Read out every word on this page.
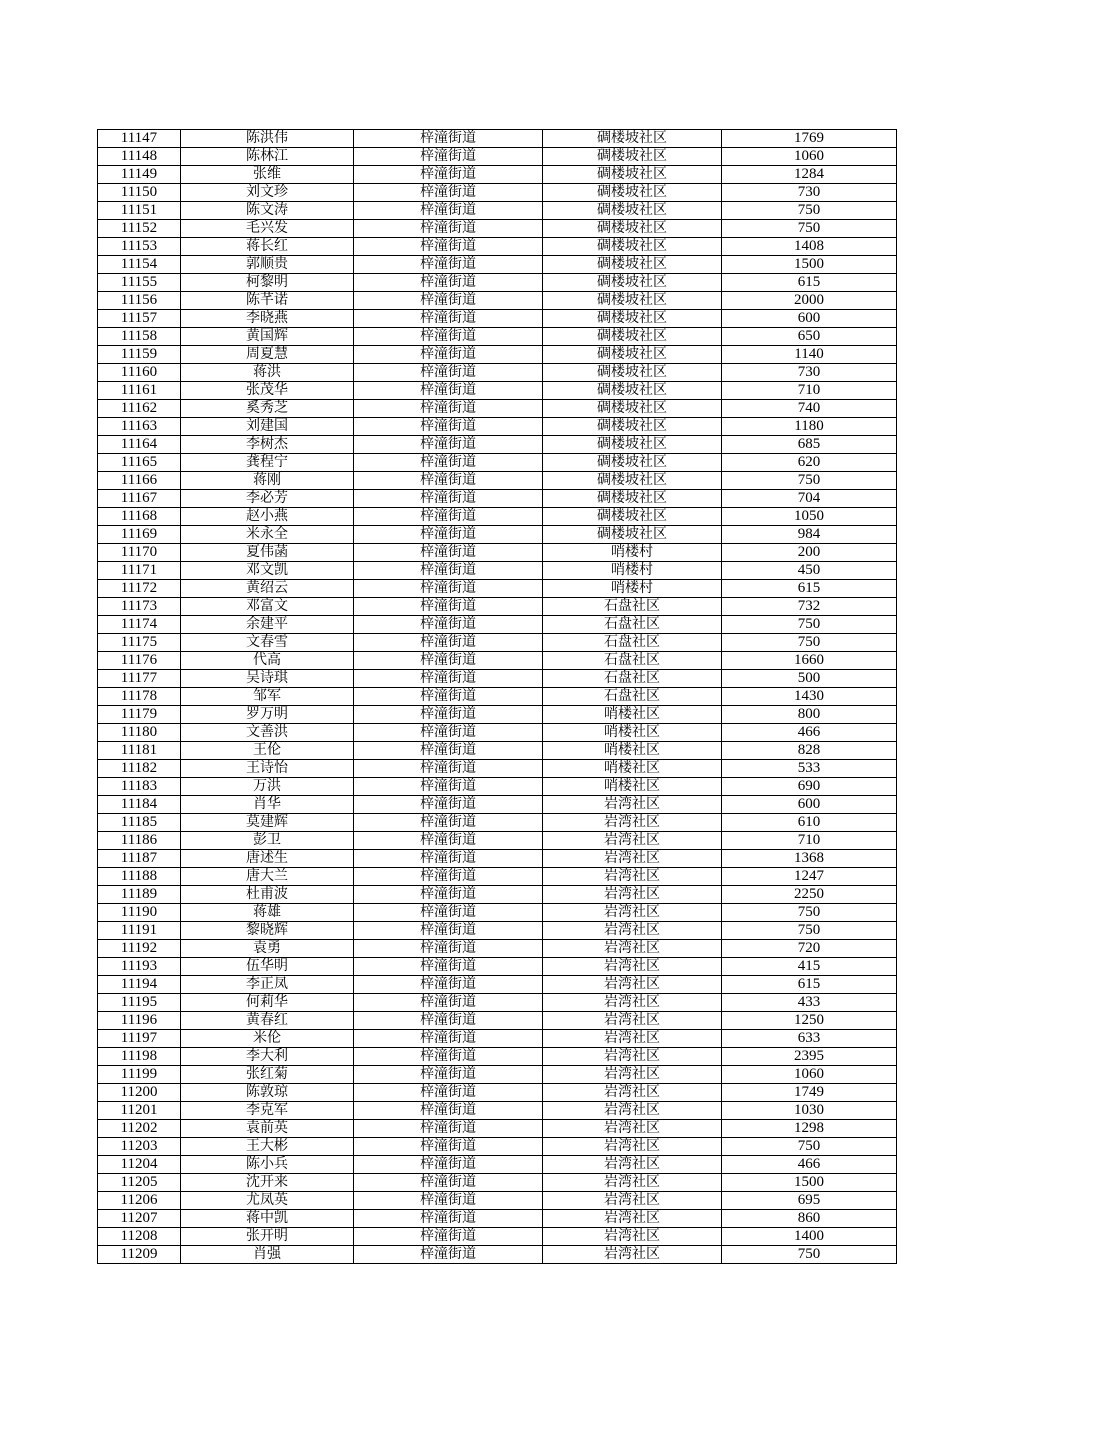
11147	陈洪伟	梓潼街道	碉楼坡社区	1769
11148	陈林江	梓潼街道	碉楼坡社区	1060
11149	张维	梓潼街道	碉楼坡社区	1284
11150	刘文珍	梓潼街道	碉楼坡社区	730
11151	陈文涛	梓潼街道	碉楼坡社区	750
11152	毛兴发	梓潼街道	碉楼坡社区	750
11153	蒋长红	梓潼街道	碉楼坡社区	1408
11154	郭顺贵	梓潼街道	碉楼坡社区	1500
11155	柯黎明	梓潼街道	碉楼坡社区	615
11156	陈芊诺	梓潼街道	碉楼坡社区	2000
11157	李晓燕	梓潼街道	碉楼坡社区	600
11158	黄国辉	梓潼街道	碉楼坡社区	650
11159	周夏慧	梓潼街道	碉楼坡社区	1140
11160	蒋洪	梓潼街道	碉楼坡社区	730
11161	张茂华	梓潼街道	碉楼坡社区	710
11162	奚秀芝	梓潼街道	碉楼坡社区	740
11163	刘建国	梓潼街道	碉楼坡社区	1180
11164	李树杰	梓潼街道	碉楼坡社区	685
11165	龚程宁	梓潼街道	碉楼坡社区	620
11166	蒋刚	梓潼街道	碉楼坡社区	750
11167	李必芳	梓潼街道	碉楼坡社区	704
11168	赵小燕	梓潼街道	碉楼坡社区	1050
11169	米永全	梓潼街道	碉楼坡社区	984
11170	夏伟菡	梓潼街道	哨楼村	200
11171	邓文凯	梓潼街道	哨楼村	450
11172	黄绍云	梓潼街道	哨楼村	615
11173	邓富文	梓潼街道	石盘社区	732
11174	余建平	梓潼街道	石盘社区	750
11175	文春雪	梓潼街道	石盘社区	750
11176	代高	梓潼街道	石盘社区	1660
11177	吴诗琪	梓潼街道	石盘社区	500
11178	邹军	梓潼街道	石盘社区	1430
11179	罗万明	梓潼街道	哨楼社区	800
11180	文善洪	梓潼街道	哨楼社区	466
11181	王伦	梓潼街道	哨楼社区	828
11182	王诗怡	梓潼街道	哨楼社区	533
11183	万洪	梓潼街道	哨楼社区	690
11184	肖华	梓潼街道	岩湾社区	600
11185	莫建辉	梓潼街道	岩湾社区	610
11186	彭卫	梓潼街道	岩湾社区	710
11187	唐述生	梓潼街道	岩湾社区	1368
11188	唐大兰	梓潼街道	岩湾社区	1247
11189	杜甫波	梓潼街道	岩湾社区	2250
11190	蒋雄	梓潼街道	岩湾社区	750
11191	黎晓辉	梓潼街道	岩湾社区	750
11192	袁勇	梓潼街道	岩湾社区	720
11193	伍华明	梓潼街道	岩湾社区	415
11194	李正凤	梓潼街道	岩湾社区	615
11195	何莉华	梓潼街道	岩湾社区	433
11196	黄春红	梓潼街道	岩湾社区	1250
11197	米伦	梓潼街道	岩湾社区	633
11198	李大利	梓潼街道	岩湾社区	2395
11199	张红菊	梓潼街道	岩湾社区	1060
11200	陈敦琼	梓潼街道	岩湾社区	1749
11201	李克军	梓潼街道	岩湾社区	1030
11202	袁前英	梓潼街道	岩湾社区	1298
11203	王大彬	梓潼街道	岩湾社区	750
11204	陈小兵	梓潼街道	岩湾社区	466
11205	沈开来	梓潼街道	岩湾社区	1500
11206	尤凤英	梓潼街道	岩湾社区	695
11207	蒋中凯	梓潼街道	岩湾社区	860
11208	张开明	梓潼街道	岩湾社区	1400
11209	肖强	梓潼街道	岩湾社区	750
